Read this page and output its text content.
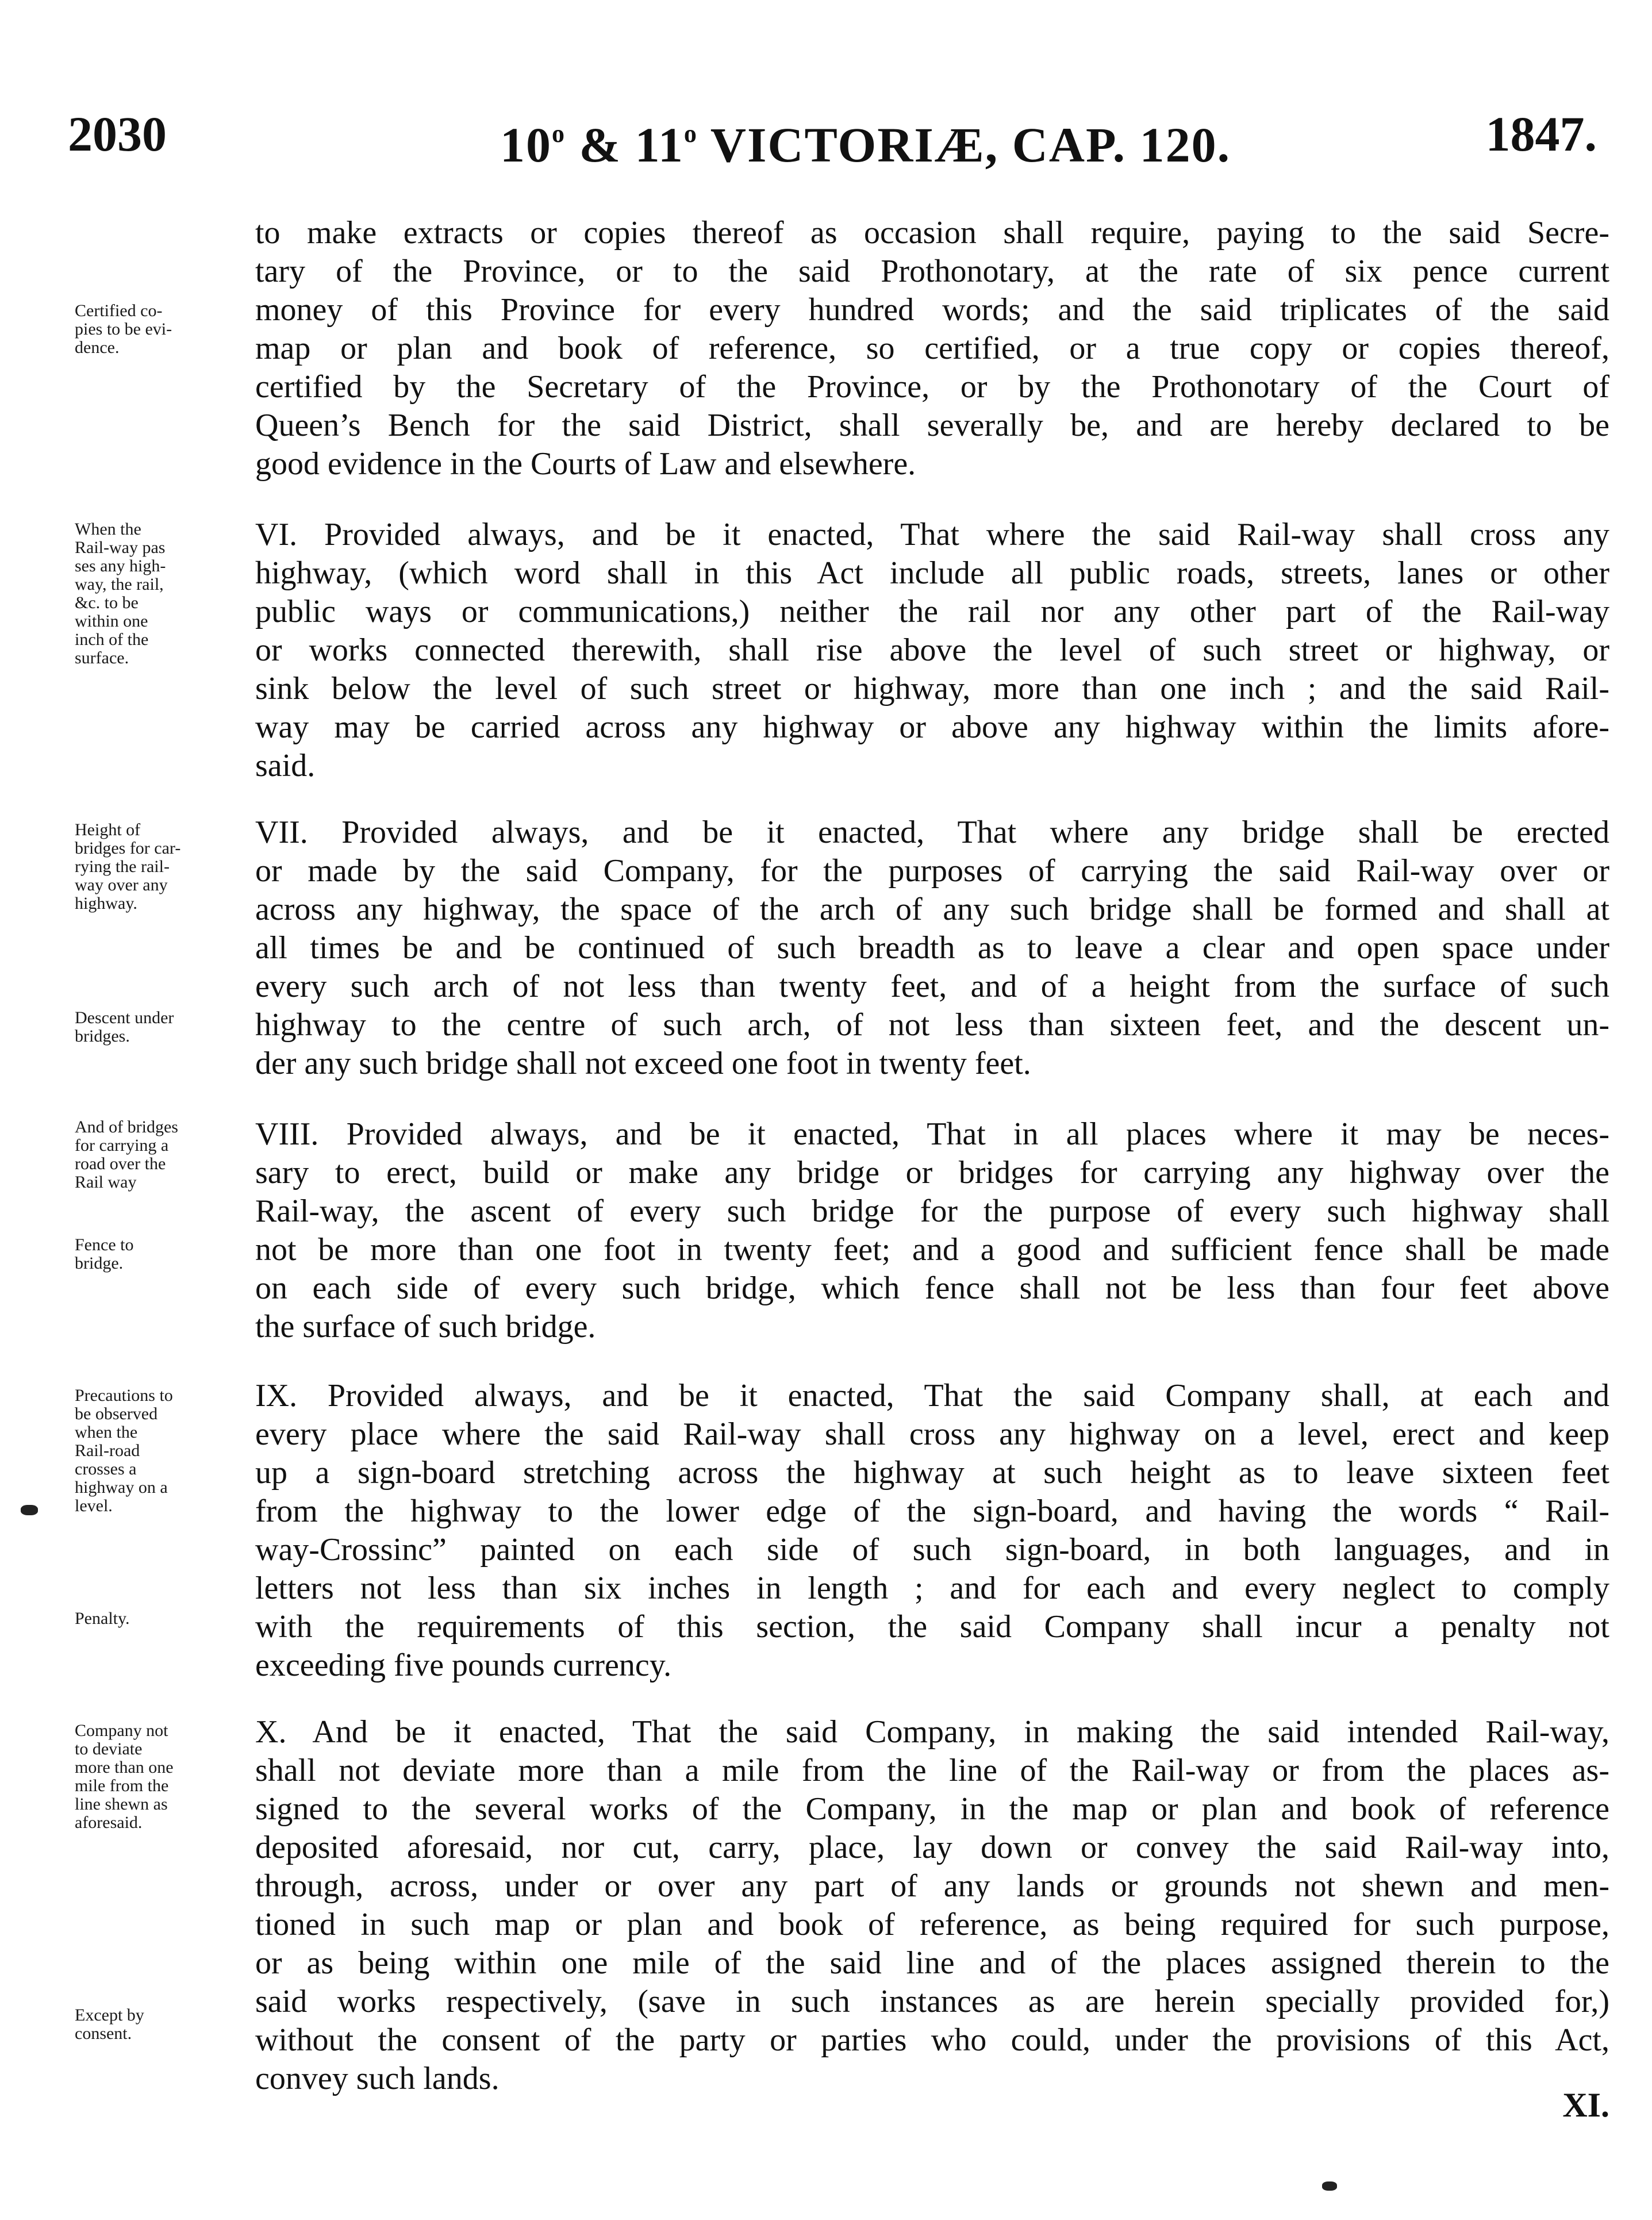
2030	10$^o$ & 11$^o$ VICTORIÆ, CAP. 120.	1847.
to make extracts or copies thereof as occasion shall require, paying to the said Secre-
tary of the Province, or to the said Prothonotary, at the rate of six pence current
money of this Province for every hundred words; and the said triplicates of the said
map or plan and book of reference, so certified, or a true copy or copies thereof,
certified by the Secretary of the Province, or by the Prothonotary of the Court of
Queen’s Bench for the said District, shall severally be, and are hereby declared to be
good evidence in the Courts of Law and elsewhere.
VI. Provided always, and be it enacted, That where the said Rail-way shall cross any
highway, (which word shall in this Act include all public roads, streets, lanes or other
public ways or communications,) neither the rail nor any other part of the Rail-way
or works connected therewith, shall rise above the level of such street or highway, or
sink below the level of such street or highway, more than one inch ; and the said Rail-
way may be carried across any highway or above any highway within the limits afore-
said.
VII. Provided always, and be it enacted, That where any bridge shall be erected
or made by the said Company, for the purposes of carrying the said Rail-way over or
across any highway, the space of the arch of any such bridge shall be formed and shall at
all times be and be continued of such breadth as to leave a clear and open space under
every such arch of not less than twenty feet, and of a height from the surface of such
highway to the centre of such arch, of not less than sixteen feet, and the descent un-
der any such bridge shall not exceed one foot in twenty feet.
VIII. Provided always, and be it enacted, That in all places where it may be neces-
sary to erect, build or make any bridge or bridges for carrying any highway over the
Rail-way, the ascent of every such bridge for the purpose of every such highway shall
not be more than one foot in twenty feet; and a good and sufficient fence shall be made
on each side of every such bridge, which fence shall not be less than four feet above
the surface of such bridge.
IX. Provided always, and be it enacted, That the said Company shall, at each and
every place where the said Rail-way shall cross any highway on a level, erect and keep
up a sign-board stretching across the highway at such height as to leave sixteen feet
from the highway to the lower edge of the sign-board, and having the words “ Rail-
way-Crossinc” painted on each side of such sign-board, in both languages, and in
letters not less than six inches in length ; and for each and every neglect to comply
with the requirements of this section, the said Company shall incur a penalty not
exceeding five pounds currency.
X. And be it enacted, That the said Company, in making the said intended Rail-way,
shall not deviate more than a mile from the line of the Rail-way or from the places as-
signed to the several works of the Company, in the map or plan and book of reference
deposited aforesaid, nor cut, carry, place, lay down or convey the said Rail-way into,
through, across, under or over any part of any lands or grounds not shewn and men-
tioned in such map or plan and book of reference, as being required for such purpose,
or as being within one mile of the said line and of the places assigned therein to the
said works respectively, (save in such instances as are herein specially provided for,)
without the consent of the party or parties who could, under the provisions of this Act,
convey such lands.
Certified co-
pies to be evi-
dence.
When the
Rail-way pas
ses any high-
way, the rail,
&c. to be
within one
inch of the
surface.
Height of
bridges for car-
rying the rail-
way over any
highway.
Descent under
bridges.
And of bridges
for carrying a
road over the
Rail way
Fence to
bridge.
Precautions to
be observed
when the
Rail-road
crosses a
highway on a
level.
Penalty.
Company not
to deviate
more than one
mile from the
line shewn as
aforesaid.
Except by
consent.
XI.
